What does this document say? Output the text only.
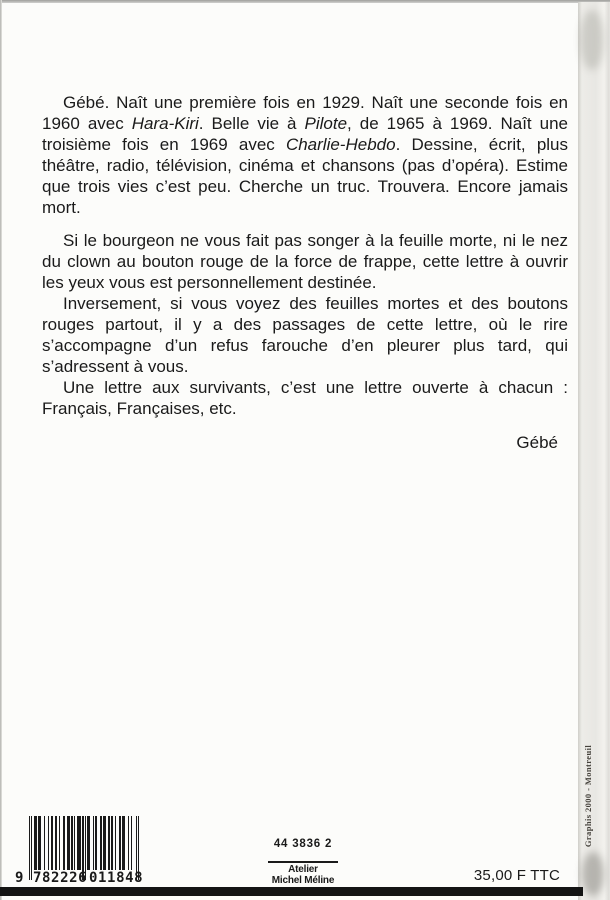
Graphis 2000 - Montreuil

Gébé. Naît une première fois en 1929. Naît une seconde fois en 1960 avec Hara-Kiri. Belle vie à Pilote, de 1965 à 1969. Naît une troisième fois en 1969 avec Charlie-Hebdo. Dessine, écrit, plus théâtre, radio, télévision, cinéma et chansons (pas d’opéra). Estime que trois vies c’est peu. Cherche un truc. Trouvera. Encore jamais mort.

Si le bourgeon ne vous fait pas songer à la feuille morte, ni le nez du clown au bouton rouge de la force de frappe, cette lettre à ouvrir les yeux vous est personnellement destinée.

Inversement, si vous voyez des feuilles mortes et des boutons rouges partout, il y a des passages de cette lettre, où le rire s’accompagne d’un refus farouche d’en pleurer plus tard, qui s’adressent à vous.

Une lettre aux survivants, c’est une lettre ouverte à chacun : Français, Françaises, etc.

Gébé
9 782226 011848
44 3836 2
Atelier
Michel Méline	35,00 F TTC
